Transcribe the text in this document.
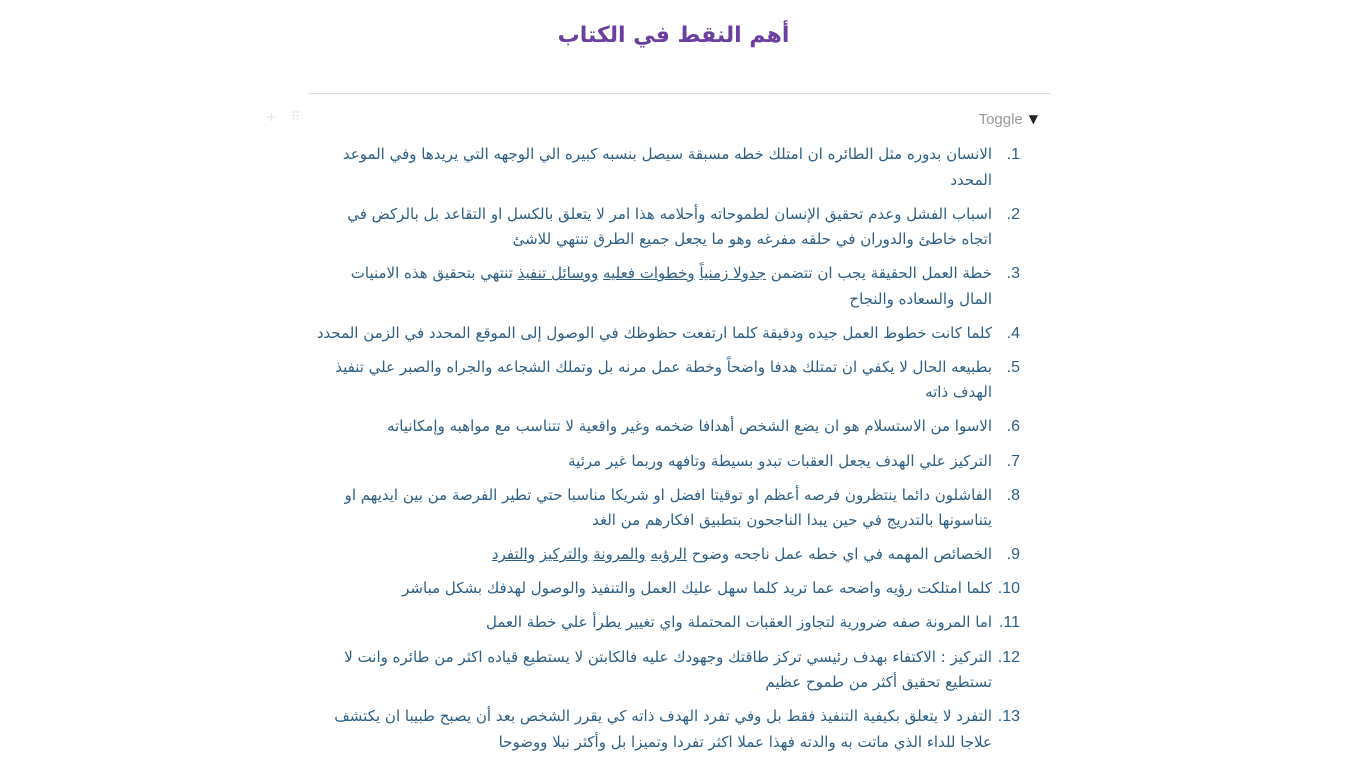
أهم النقط في الكتاب
+ ⠿	Toggle ▼
.1
الانسان بدوره مثل الطائره ان امتلك خطه مسبقة سيصل بنسبه كبيره الي الوجهه التي يريدها وفي الموعد المحدد
.2
اسباب الفشل وعدم تحقيق الإنسان لطموحاته وأحلامه هذا امر لا يتعلق بالكسل او التقاعد بل بالركض في اتجاه خاطئ والدوران في حلقه مفرغه وهو ما يجعل جميع الطرق تنتهي للاشئ
.3
خطة العمل الحقيقة يجب ان تتضمن جدولا زمنياً وخطوات فعليه ووسائل تنفيذ تنتهي بتحقيق هذه الامنيات المال والسعاده والنجاح
.4
كلما كانت خطوط العمل جيده ودقيقة كلما ارتفعت حظوظك في الوصول إلى الموقع المحدد في الزمن المحدد
.5
بطبيعه الحال لا يكفي ان تمتلك هدفا واضحاً وخطة عمل مرنه بل وتملك الشجاعه والجراه والصبر علي تنفيذ الهدف ذاته
.6
الاسوا من الاستسلام هو ان يضع الشخص أهدافا ضخمه وغير واقعية لا تتناسب مع مواهبه وإمكانياته
.7
التركيز علي الهدف يجعل العقبات تبدو بسيطة وتافهه وربما غير مرئية
.8
الفاشلون دائما ينتظرون فرصه أعظم او توقيتا افضل او شريكا مناسبا حتي تطير الفرصة من بين ايديهم او يتناسونها بالتدريج في حين يبدا الناجحون بتطبيق افكارهم من الغد
.9
الخصائص المهمه في اي خطه عمل ناجحه وضوح الرؤيه والمرونة والتركيز والتفرد
.10
كلما امتلكت رؤيه واضحه عما تريد كلما سهل عليك العمل والتنفيذ والوصول لهدفك بشكل مباشر
.11
اما المرونة صفه ضرورية لتجاوز العقبات المحتملة واي تغيير يطرأ علي خطة العمل
.12
التركيز : الاكتفاء بهدف رئيسي تركز طاقتك وجهودك عليه فالكابتن لا يستطيع قياده اكثر من طائره وانت لا تستطيع تحقيق أكثر من طموح عظيم
.13
التفرد لا يتعلق بكيفية التنفيذ فقط بل وفي تفرد الهدف ذاته كي يقرر الشخص بعد أن يصبح طبيبا ان يكتشف علاجا للداء الذي ماتت به والدته فهذا عملا اكثر تفردا وتميزا بل وأكثر نبلا ووضوحا
